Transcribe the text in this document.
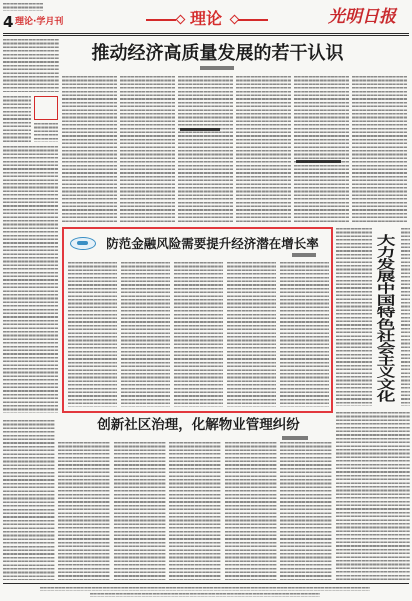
4 理论·学月刊	理论	光明日报
推动经济高质量发展的若干认识
防范金融风险需要提升经济潜在增长率	大力发展中国特色社会主义文化
创新社区治理，化解物业管理纠纷
